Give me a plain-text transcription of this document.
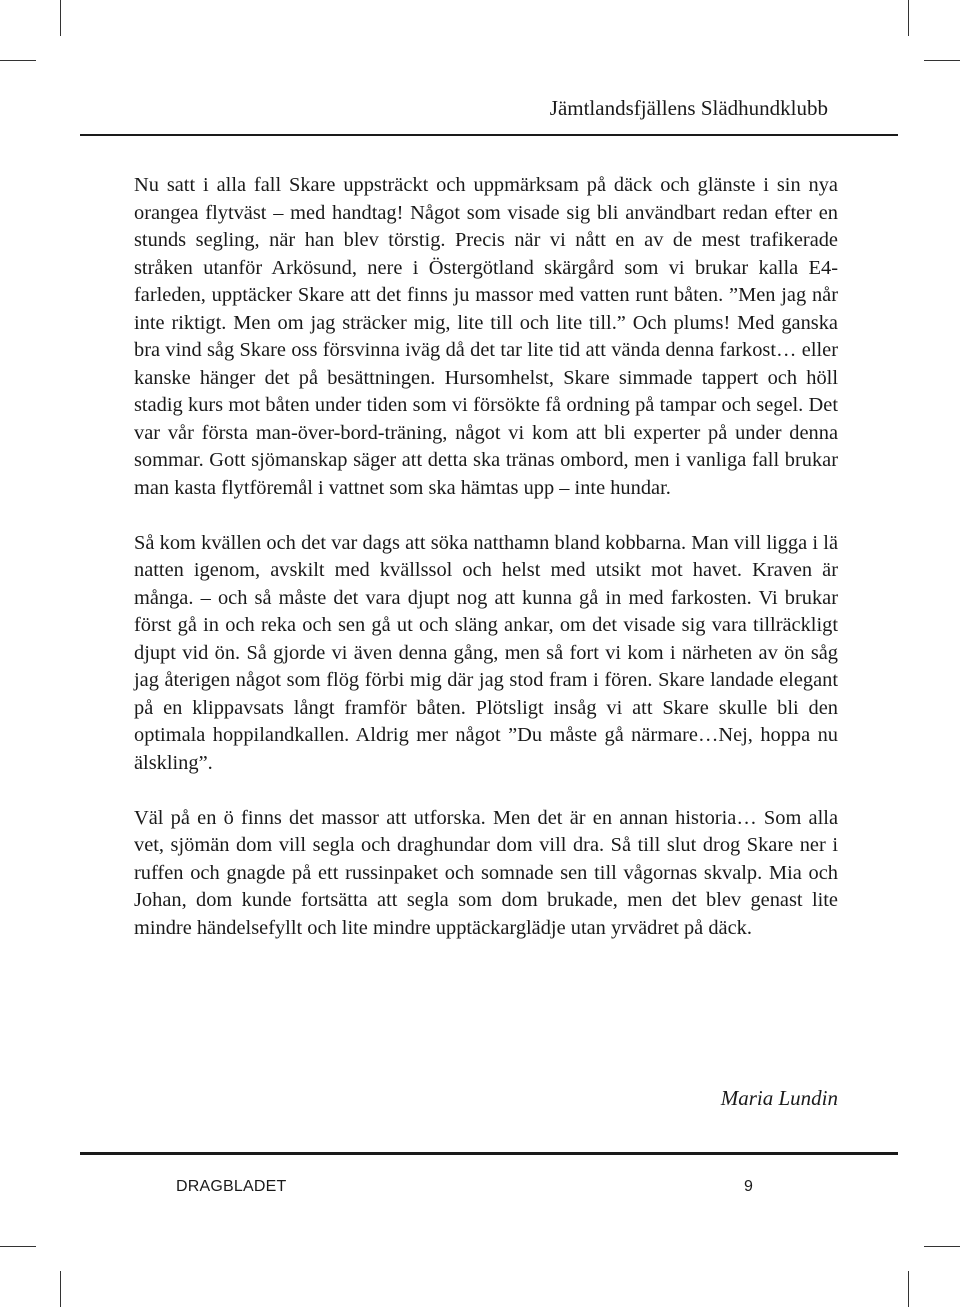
Jämtlandsfjällens Slädhundklubb

Nu satt i alla fall Skare uppsträckt och uppmärksam på däck och glänste i sin nya orangea flytväst – med handtag! Något som visade sig bli användbart redan efter en stunds segling, när han blev törstig. Precis när vi nått en av de mest trafikerade stråken utanför Arkösund, nere i Östergötland skärgård som vi brukar kalla E4-farleden, upptäcker Skare att det finns ju massor med vatten runt båten. ”Men jag når inte riktigt. Men om jag sträcker mig, lite till och lite till.” Och plums! Med ganska bra vind såg Skare oss försvinna iväg då det tar lite tid att vända denna farkost… eller kanske hänger det på besättningen. Hursomhelst, Skare simmade tappert och höll stadig kurs mot båten under tiden som vi försökte få ordning på tampar och segel. Det var vår första man-över-bord-träning, något vi kom att bli experter på under denna sommar. Gott sjömanskap säger att detta ska tränas ombord, men i vanliga fall brukar man kasta flytföremål i vattnet som ska hämtas upp – inte hundar.

Så kom kvällen och det var dags att söka natthamn bland kobbarna. Man vill ligga i lä natten igenom, avskilt med kvällssol och helst med utsikt mot havet. Kraven är många. – och så måste det vara djupt nog att kunna gå in med farkosten. Vi brukar först gå in och reka och sen gå ut och släng ankar, om det visade sig vara tillräckligt djupt vid ön. Så gjorde vi även denna gång, men så fort vi kom i närheten av ön såg jag återigen något som flög förbi mig där jag stod fram i fören. Skare landade elegant på en klippavsats långt framför båten. Plötsligt insåg vi att Skare skulle bli den optimala hoppilandkallen. Aldrig mer något ”Du måste gå närmare…Nej, hoppa nu älskling”.

Väl på en ö finns det massor att utforska. Men det är en annan historia… Som alla vet, sjömän dom vill segla och draghundar dom vill dra. Så till slut drog Skare ner i ruffen och gnagde på ett russinpaket och somnade sen till vågornas skvalp. Mia och Johan, dom kunde fortsätta att segla som dom brukade, men det blev genast lite mindre händelsefyllt och lite mindre upptäckarglädje utan yrvädret på däck.

Maria Lundin
DRAGBLADET	9
